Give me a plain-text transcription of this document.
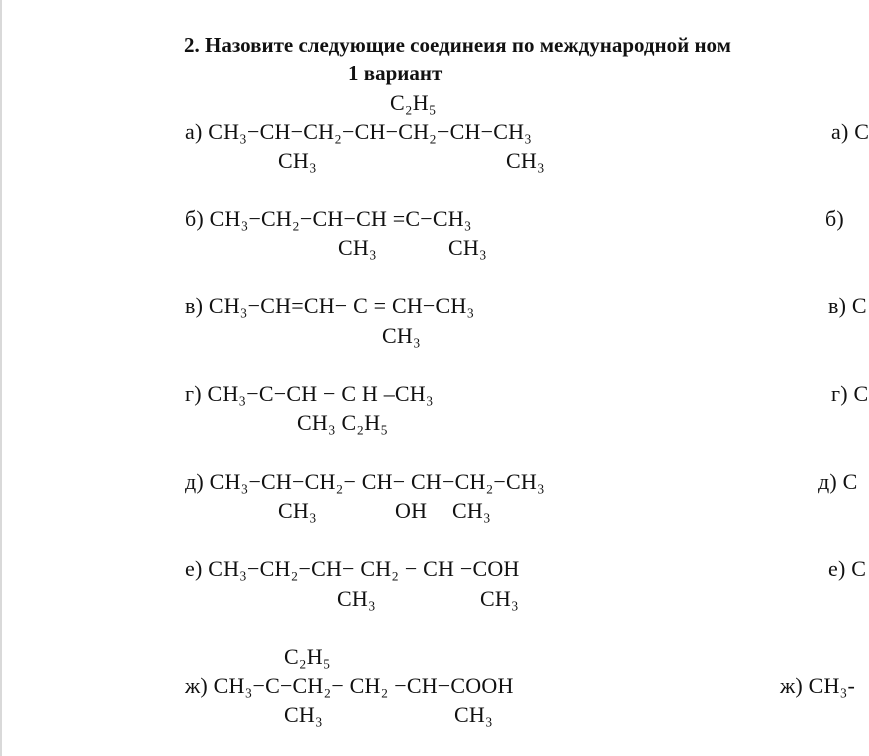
2. Назовите следующие соединеия по международной ном
1 вариант
С₂Н₅
а) СН₃−СН−СН₂−СН−СН₂−СН−СН₃
СН₃	СН₃
а) С
б) СН₃−СН₂−СН−СН =С−СН₃
СН₃	СН₃
б)
в) СН₃−СН=СН− С = СН−СН₃
СН₃
в) С
г) СН₃−С−СН − С Н –СН₃
СН₃ С₂Н₅
г) С
д) СН₃−СН−СН₂− СН− СН−СН₂−СН₃
СН₃	ОН СН₃
д) С
е) СН₃−СН₂−СН− СН₂ − СН −СОН
СН₃	СН₃
е) С
С₂Н₅
ж) СН₃−С−СН₂− СН₂ −СН−СООН
СН₃	СН₃
ж) СН₃-
